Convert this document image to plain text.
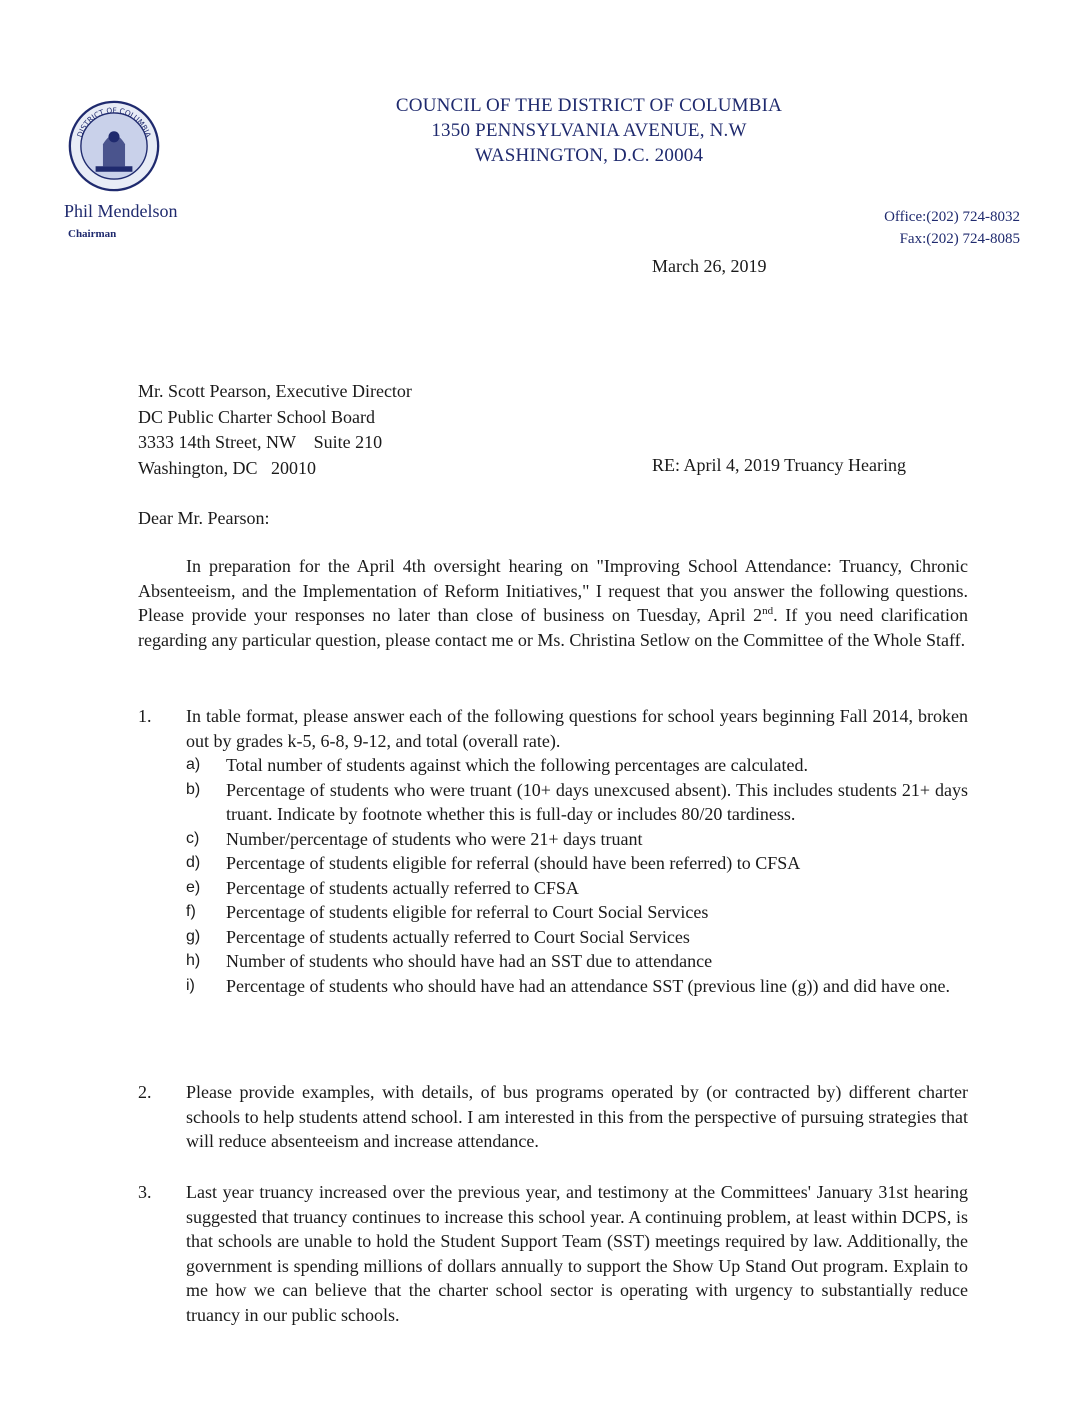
DISTRICT OF COLUMBIA
COUNCIL OF THE DISTRICT OF COLUMBIA
1350 PENNSYLVANIA AVENUE, N.W
WASHINGTON, D.C. 20004
Phil Mendelson
Chairman
Office:(202) 724-8032
Fax:(202) 724-8085
March 26, 2019
Mr. Scott Pearson, Executive Director
DC Public Charter School Board
3333 14th Street, NW    Suite 210
Washington, DC   20010	RE: April 4, 2019 Truancy Hearing
Dear Mr. Pearson:

In preparation for the April 4th oversight hearing on "Improving School Attendance: Truancy, Chronic Absenteeism, and the Implementation of Reform Initiatives," I request that you answer the following questions. Please provide your responses no later than close of business on Tuesday, April 2nd. If you need clarification regarding any particular question, please contact me or Ms. Christina Setlow on the Committee of the Whole Staff.

1. In table format, please answer each of the following questions for school years beginning Fall 2014, broken out by grades k-5, 6-8, 9-12, and total (overall rate).
a) Total number of students against which the following percentages are calculated.
b) Percentage of students who were truant (10+ days unexcused absent). This includes students 21+ days truant. Indicate by footnote whether this is full-day or includes 80/20 tardiness.
c) Number/percentage of students who were 21+ days truant
d) Percentage of students eligible for referral (should have been referred) to CFSA
e) Percentage of students actually referred to CFSA
f) Percentage of students eligible for referral to Court Social Services
g) Percentage of students actually referred to Court Social Services
h) Number of students who should have had an SST due to attendance
i) Percentage of students who should have had an attendance SST (previous line (g)) and did have one.
2. Please provide examples, with details, of bus programs operated by (or contracted by) different charter schools to help students attend school. I am interested in this from the perspective of pursuing strategies that will reduce absenteeism and increase attendance.
3. Last year truancy increased over the previous year, and testimony at the Committees' January 31st hearing suggested that truancy continues to increase this school year. A continuing problem, at least within DCPS, is that schools are unable to hold the Student Support Team (SST) meetings required by law. Additionally, the government is spending millions of dollars annually to support the Show Up Stand Out program. Explain to me how we can believe that the charter school sector is operating with urgency to substantially reduce truancy in our public schools.
